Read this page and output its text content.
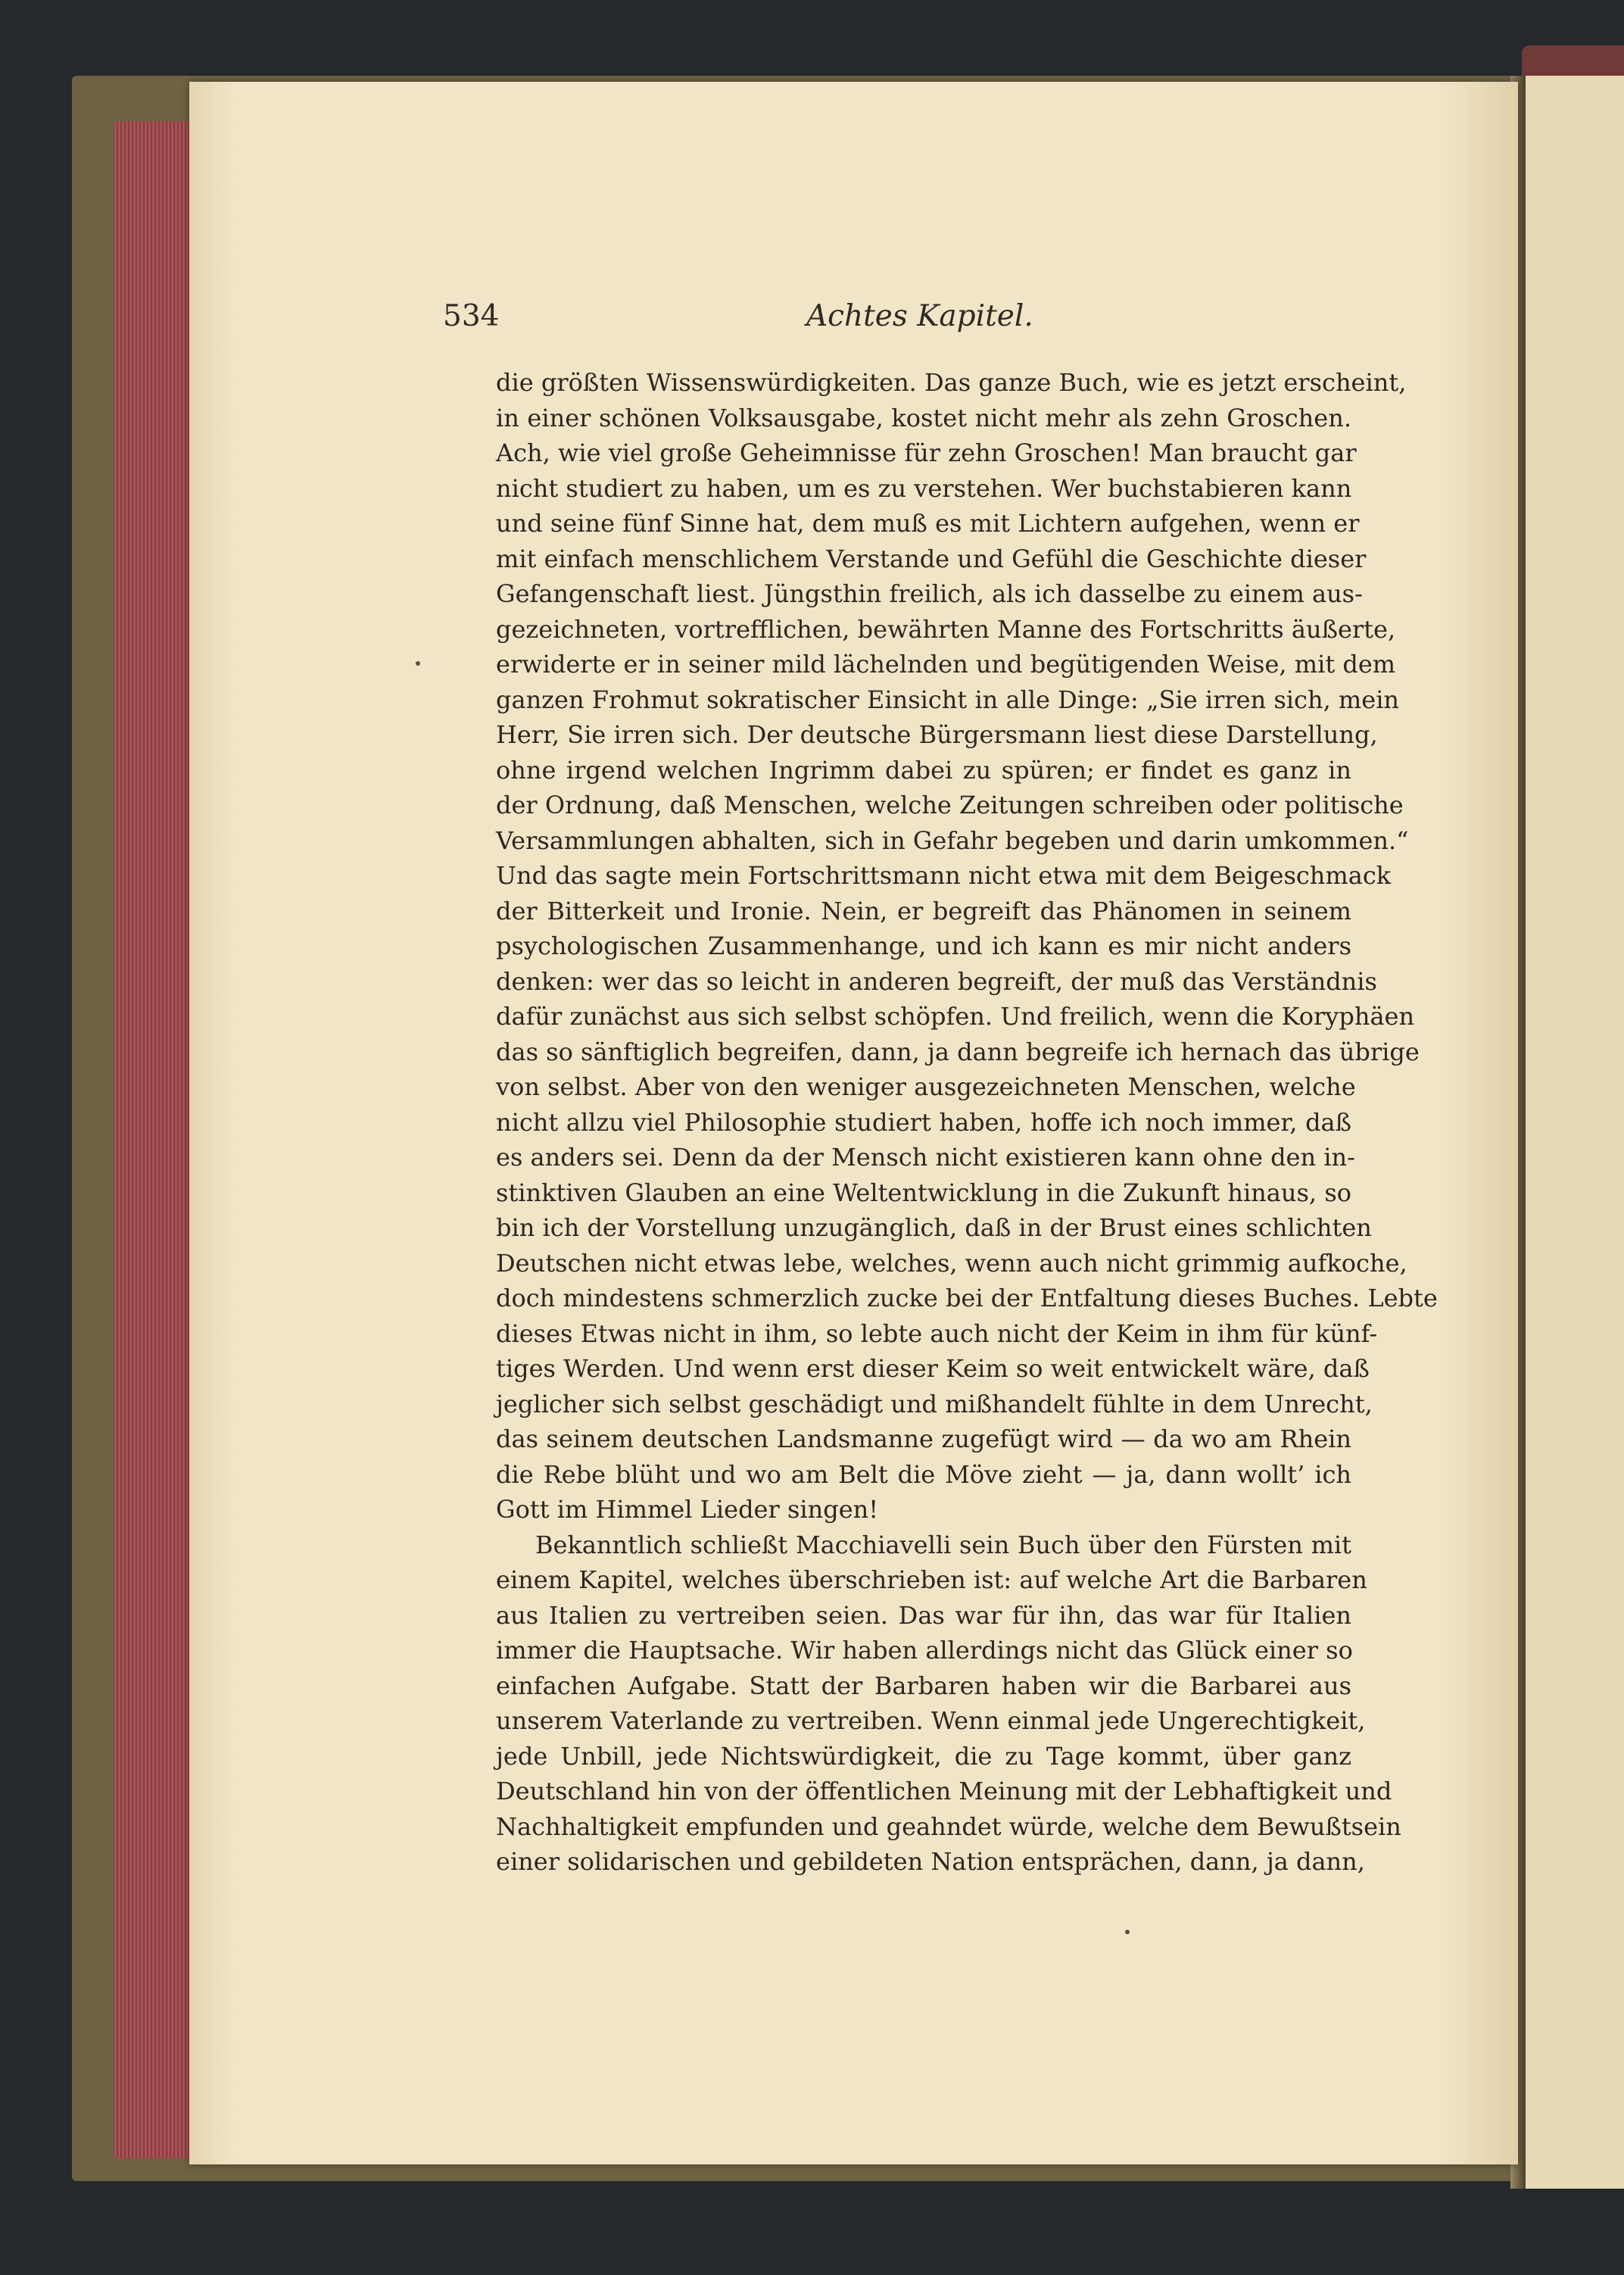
534	Achtes Kapitel.
die größten Wissenswürdigkeiten. Das ganze Buch, wie es jetzt erscheint,
in einer schönen Volksausgabe, kostet nicht mehr als zehn Groschen.
Ach, wie viel große Geheimnisse für zehn Groschen! Man braucht gar
nicht studiert zu haben, um es zu verstehen. Wer buchstabieren kann
und seine fünf Sinne hat, dem muß es mit Lichtern aufgehen, wenn er
mit einfach menschlichem Verstande und Gefühl die Geschichte dieser
Gefangenschaft liest. Jüngsthin freilich, als ich dasselbe zu einem aus-
gezeichneten, vortrefflichen, bewährten Manne des Fortschritts äußerte,
erwiderte er in seiner mild lächelnden und begütigenden Weise, mit dem
ganzen Frohmut sokratischer Einsicht in alle Dinge: „Sie irren sich, mein
Herr, Sie irren sich. Der deutsche Bürgersmann liest diese Darstellung,
ohne irgend welchen Ingrimm dabei zu spüren; er findet es ganz in
der Ordnung, daß Menschen, welche Zeitungen schreiben oder politische
Versammlungen abhalten, sich in Gefahr begeben und darin umkommen.“
Und das sagte mein Fortschrittsmann nicht etwa mit dem Beigeschmack
der Bitterkeit und Ironie. Nein, er begreift das Phänomen in seinem
psychologischen Zusammenhange, und ich kann es mir nicht anders
denken: wer das so leicht in anderen begreift, der muß das Verständnis
dafür zunächst aus sich selbst schöpfen. Und freilich, wenn die Koryphäen
das so sänftiglich begreifen, dann, ja dann begreife ich hernach das übrige
von selbst. Aber von den weniger ausgezeichneten Menschen, welche
nicht allzu viel Philosophie studiert haben, hoffe ich noch immer, daß
es anders sei. Denn da der Mensch nicht existieren kann ohne den in-
stinktiven Glauben an eine Weltentwicklung in die Zukunft hinaus, so
bin ich der Vorstellung unzugänglich, daß in der Brust eines schlichten
Deutschen nicht etwas lebe, welches, wenn auch nicht grimmig aufkoche,
doch mindestens schmerzlich zucke bei der Entfaltung dieses Buches. Lebte
dieses Etwas nicht in ihm, so lebte auch nicht der Keim in ihm für künf-
tiges Werden. Und wenn erst dieser Keim so weit entwickelt wäre, daß
jeglicher sich selbst geschädigt und mißhandelt fühlte in dem Unrecht,
das seinem deutschen Landsmanne zugefügt wird — da wo am Rhein
die Rebe blüht und wo am Belt die Möve zieht — ja, dann wollt’ ich
Gott im Himmel Lieder singen!
Bekanntlich schließt Macchiavelli sein Buch über den Fürsten mit
einem Kapitel, welches überschrieben ist: auf welche Art die Barbaren
aus Italien zu vertreiben seien. Das war für ihn, das war für Italien
immer die Hauptsache. Wir haben allerdings nicht das Glück einer so
einfachen Aufgabe. Statt der Barbaren haben wir die Barbarei aus
unserem Vaterlande zu vertreiben. Wenn einmal jede Ungerechtigkeit,
jede Unbill, jede Nichtswürdigkeit, die zu Tage kommt, über ganz
Deutschland hin von der öffentlichen Meinung mit der Lebhaftigkeit und
Nachhaltigkeit empfunden und geahndet würde, welche dem Bewußtsein
einer solidarischen und gebildeten Nation entsprächen, dann, ja dann,
